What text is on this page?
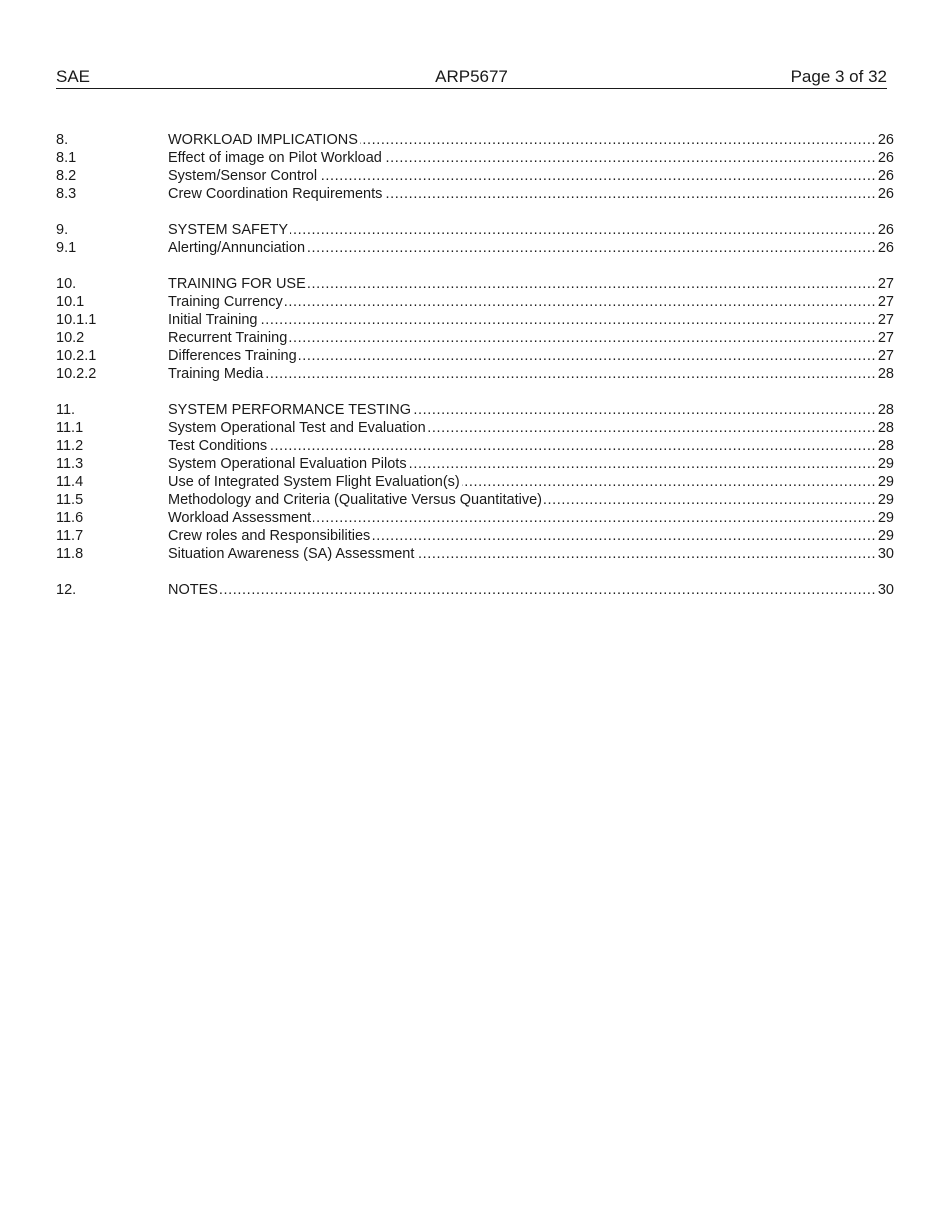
ARP5677
SAE	Page 3 of 32
8.	WORKLOAD IMPLICATIONS .....	26
8.1	Effect of image on Pilot Workload .....	26
8.2	System/Sensor Control .....	26
8.3	Crew Coordination Requirements .....	26
9.	SYSTEM SAFETY .....	26
9.1	Alerting/Annunciation .....	26
10.	TRAINING FOR USE .....	27
10.1	Training Currency .....	27
10.1.1	Initial Training .....	27
10.2	Recurrent Training .....	27
10.2.1	Differences Training .....	27
10.2.2	Training Media .....	28
11.	SYSTEM PERFORMANCE TESTING .....	28
11.1	System Operational Test and Evaluation .....	28
11.2	Test Conditions .....	28
11.3	System Operational Evaluation Pilots .....	29
11.4	Use of Integrated System Flight Evaluation(s) .....	29
11.5	Methodology and Criteria (Qualitative Versus Quantitative) .....	29
11.6	Workload Assessment .....	29
11.7	Crew roles and Responsibilities .....	29
11.8	Situation Awareness (SA) Assessment .....	30
12.	NOTES .....	30
